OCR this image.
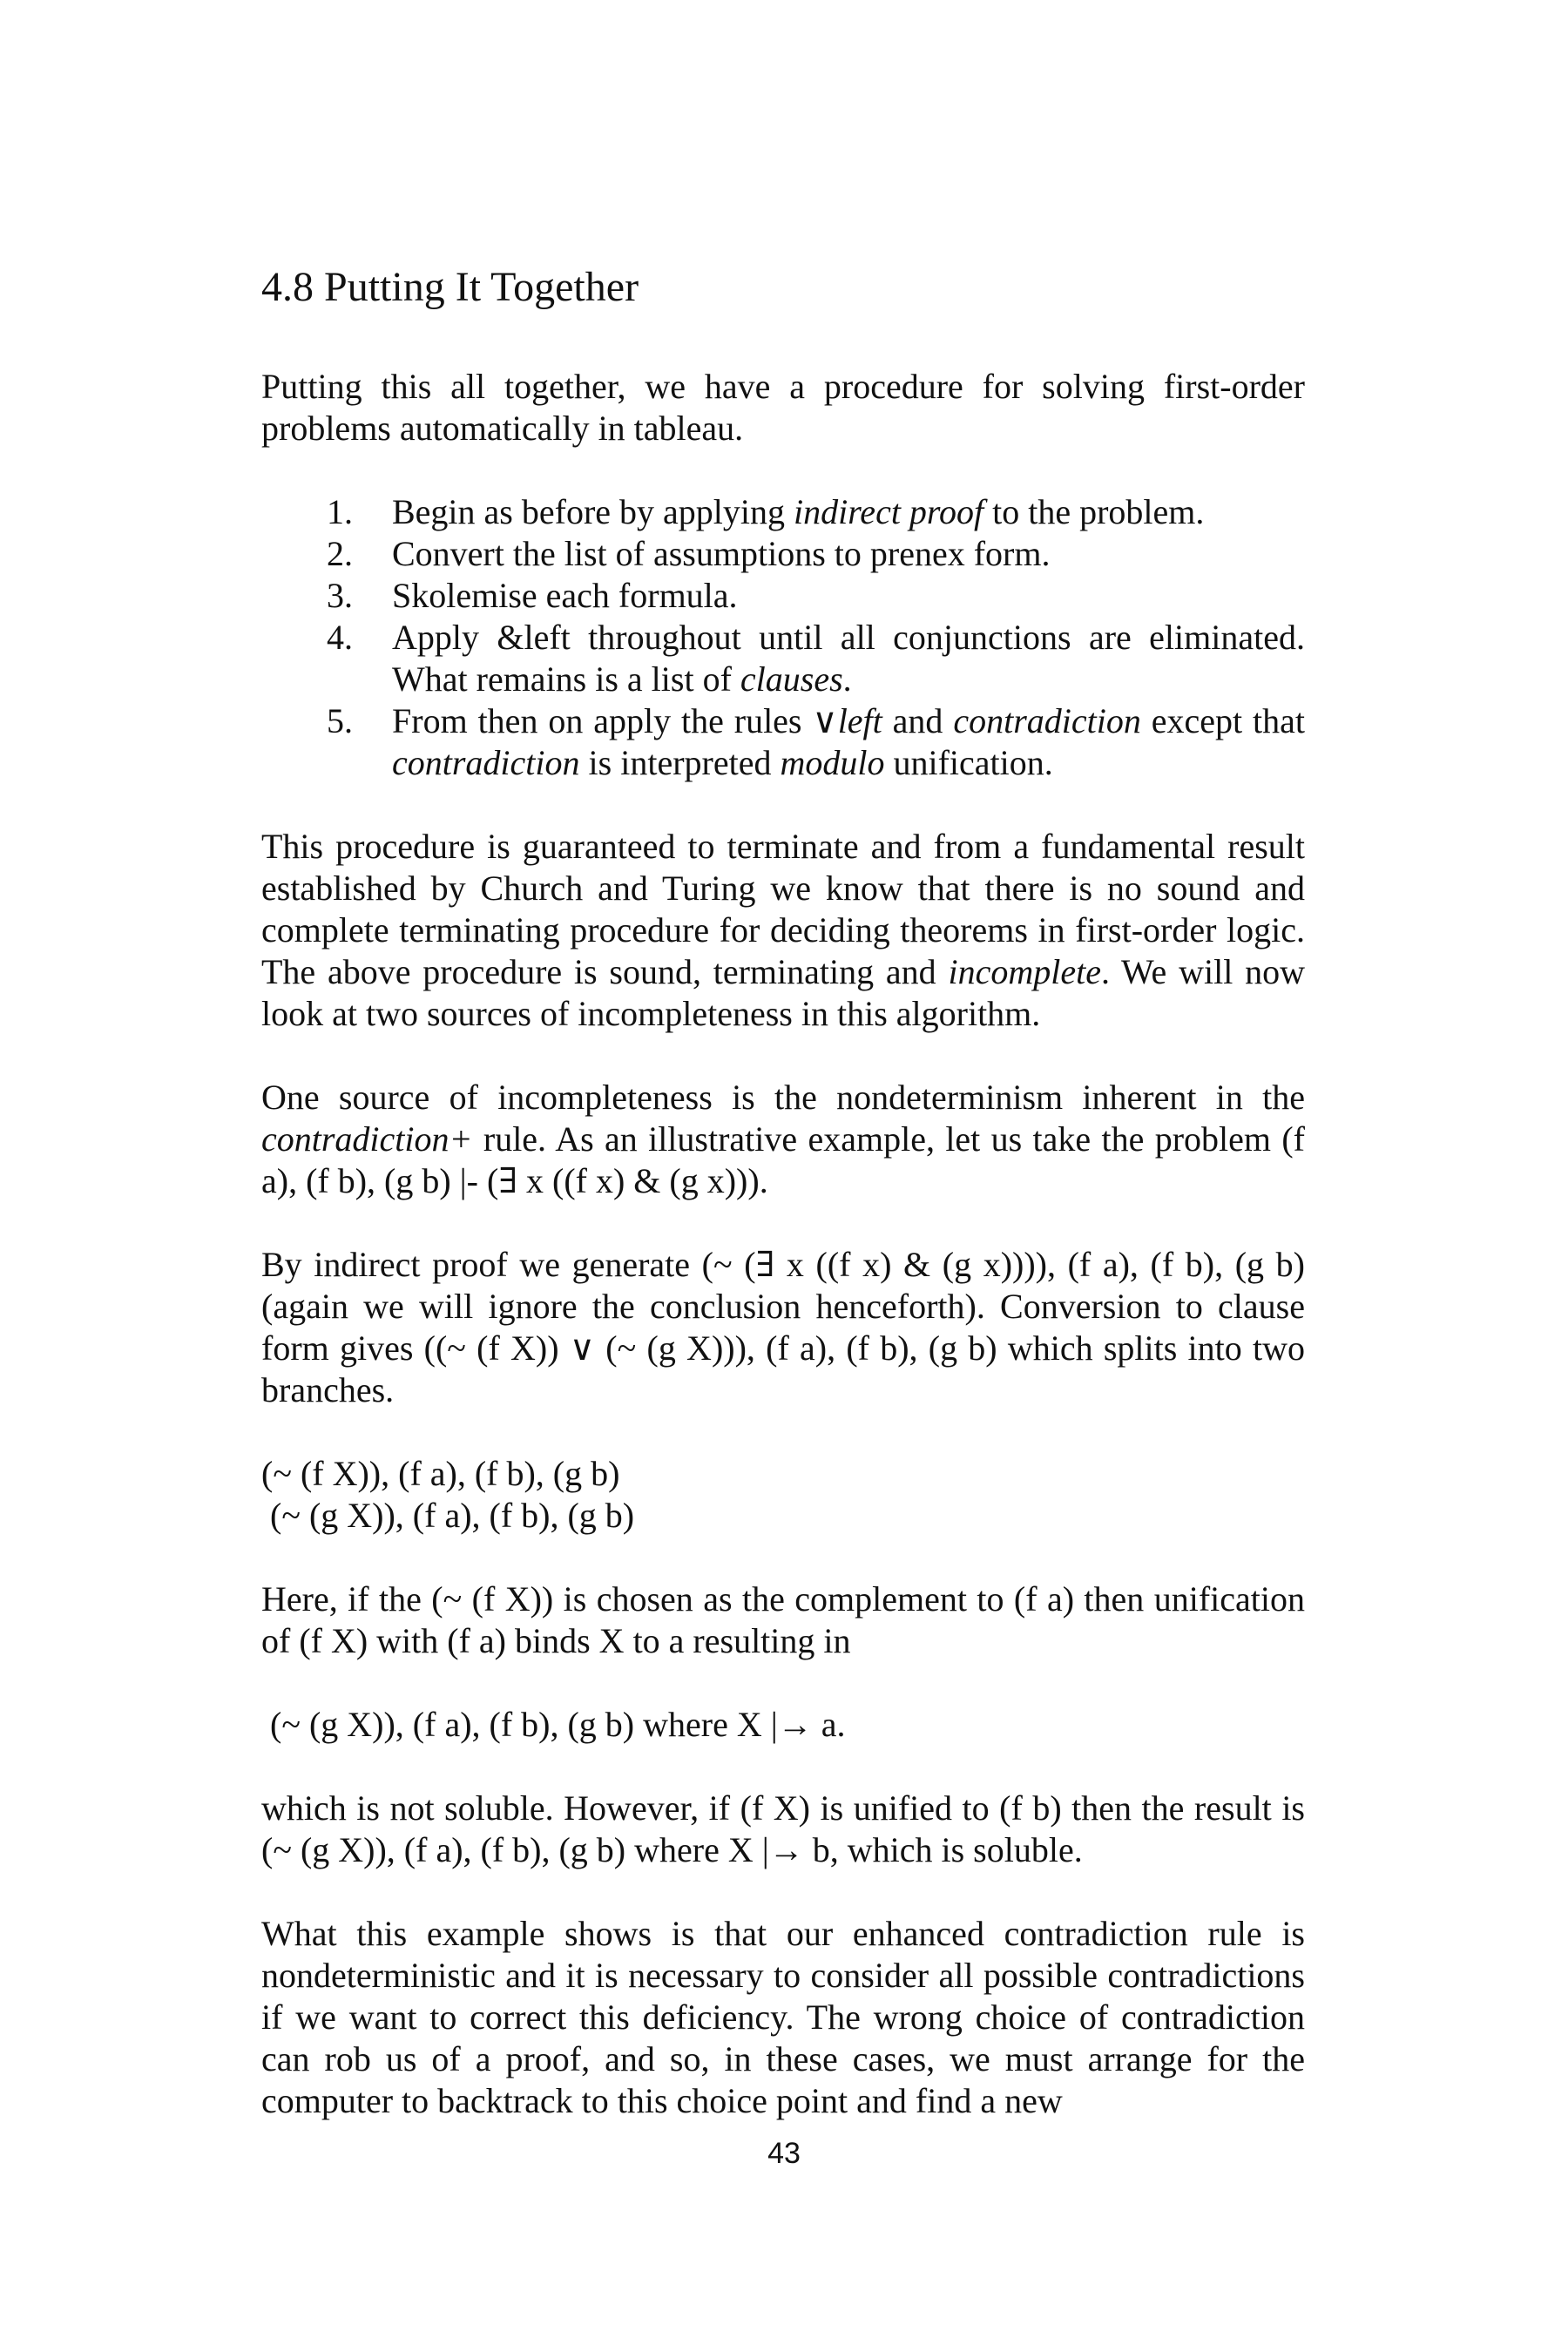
4.8 Putting It Together

Putting this all together, we have a procedure for solving first-order problems automatically in tableau.

1.	Begin as before by applying indirect proof to the problem.
2.	Convert the list of assumptions to prenex form.
3.	Skolemise each formula.
4.	Apply &left throughout until all conjunctions are eliminated. What remains is a list of clauses.
5.	From then on apply the rules ∨left and contradiction except that contradiction is interpreted modulo unification.

This procedure is guaranteed to terminate and from a fundamental result established by Church and Turing we know that there is no sound and complete terminating procedure for deciding theorems in first-order logic. The above procedure is sound, terminating and incomplete. We will now look at two sources of incompleteness in this algorithm.

One source of incompleteness is the nondeterminism inherent in the contradiction+ rule. As an illustrative example, let us take the problem (f a), (f b), (g b) |- (∃ x ((f x) & (g x))).

By indirect proof we generate (~ (∃ x ((f x) & (g x)))), (f a), (f b), (g b) (again we will ignore the conclusion henceforth). Conversion to clause form gives ((~ (f X)) ∨ (~ (g X))), (f a), (f b), (g b) which splits into two branches.

(~ (f X)), (f a), (f b), (g b)
(~ (g X)), (f a), (f b), (g b)

Here, if the (~ (f X)) is chosen as the complement to (f a) then unification of (f X) with (f a) binds X to a resulting in

(~ (g X)), (f a), (f b), (g b) where X |→ a.

which is not soluble. However, if (f X) is unified to (f b) then the result is (~ (g X)), (f a), (f b), (g b) where X |→ b, which is soluble.

What this example shows is that our enhanced contradiction rule is nondeterministic and it is necessary to consider all possible contradictions if we want to correct this deficiency. The wrong choice of contradiction can rob us of a proof, and so, in these cases, we must arrange for the computer to backtrack to this choice point and find a new

43
